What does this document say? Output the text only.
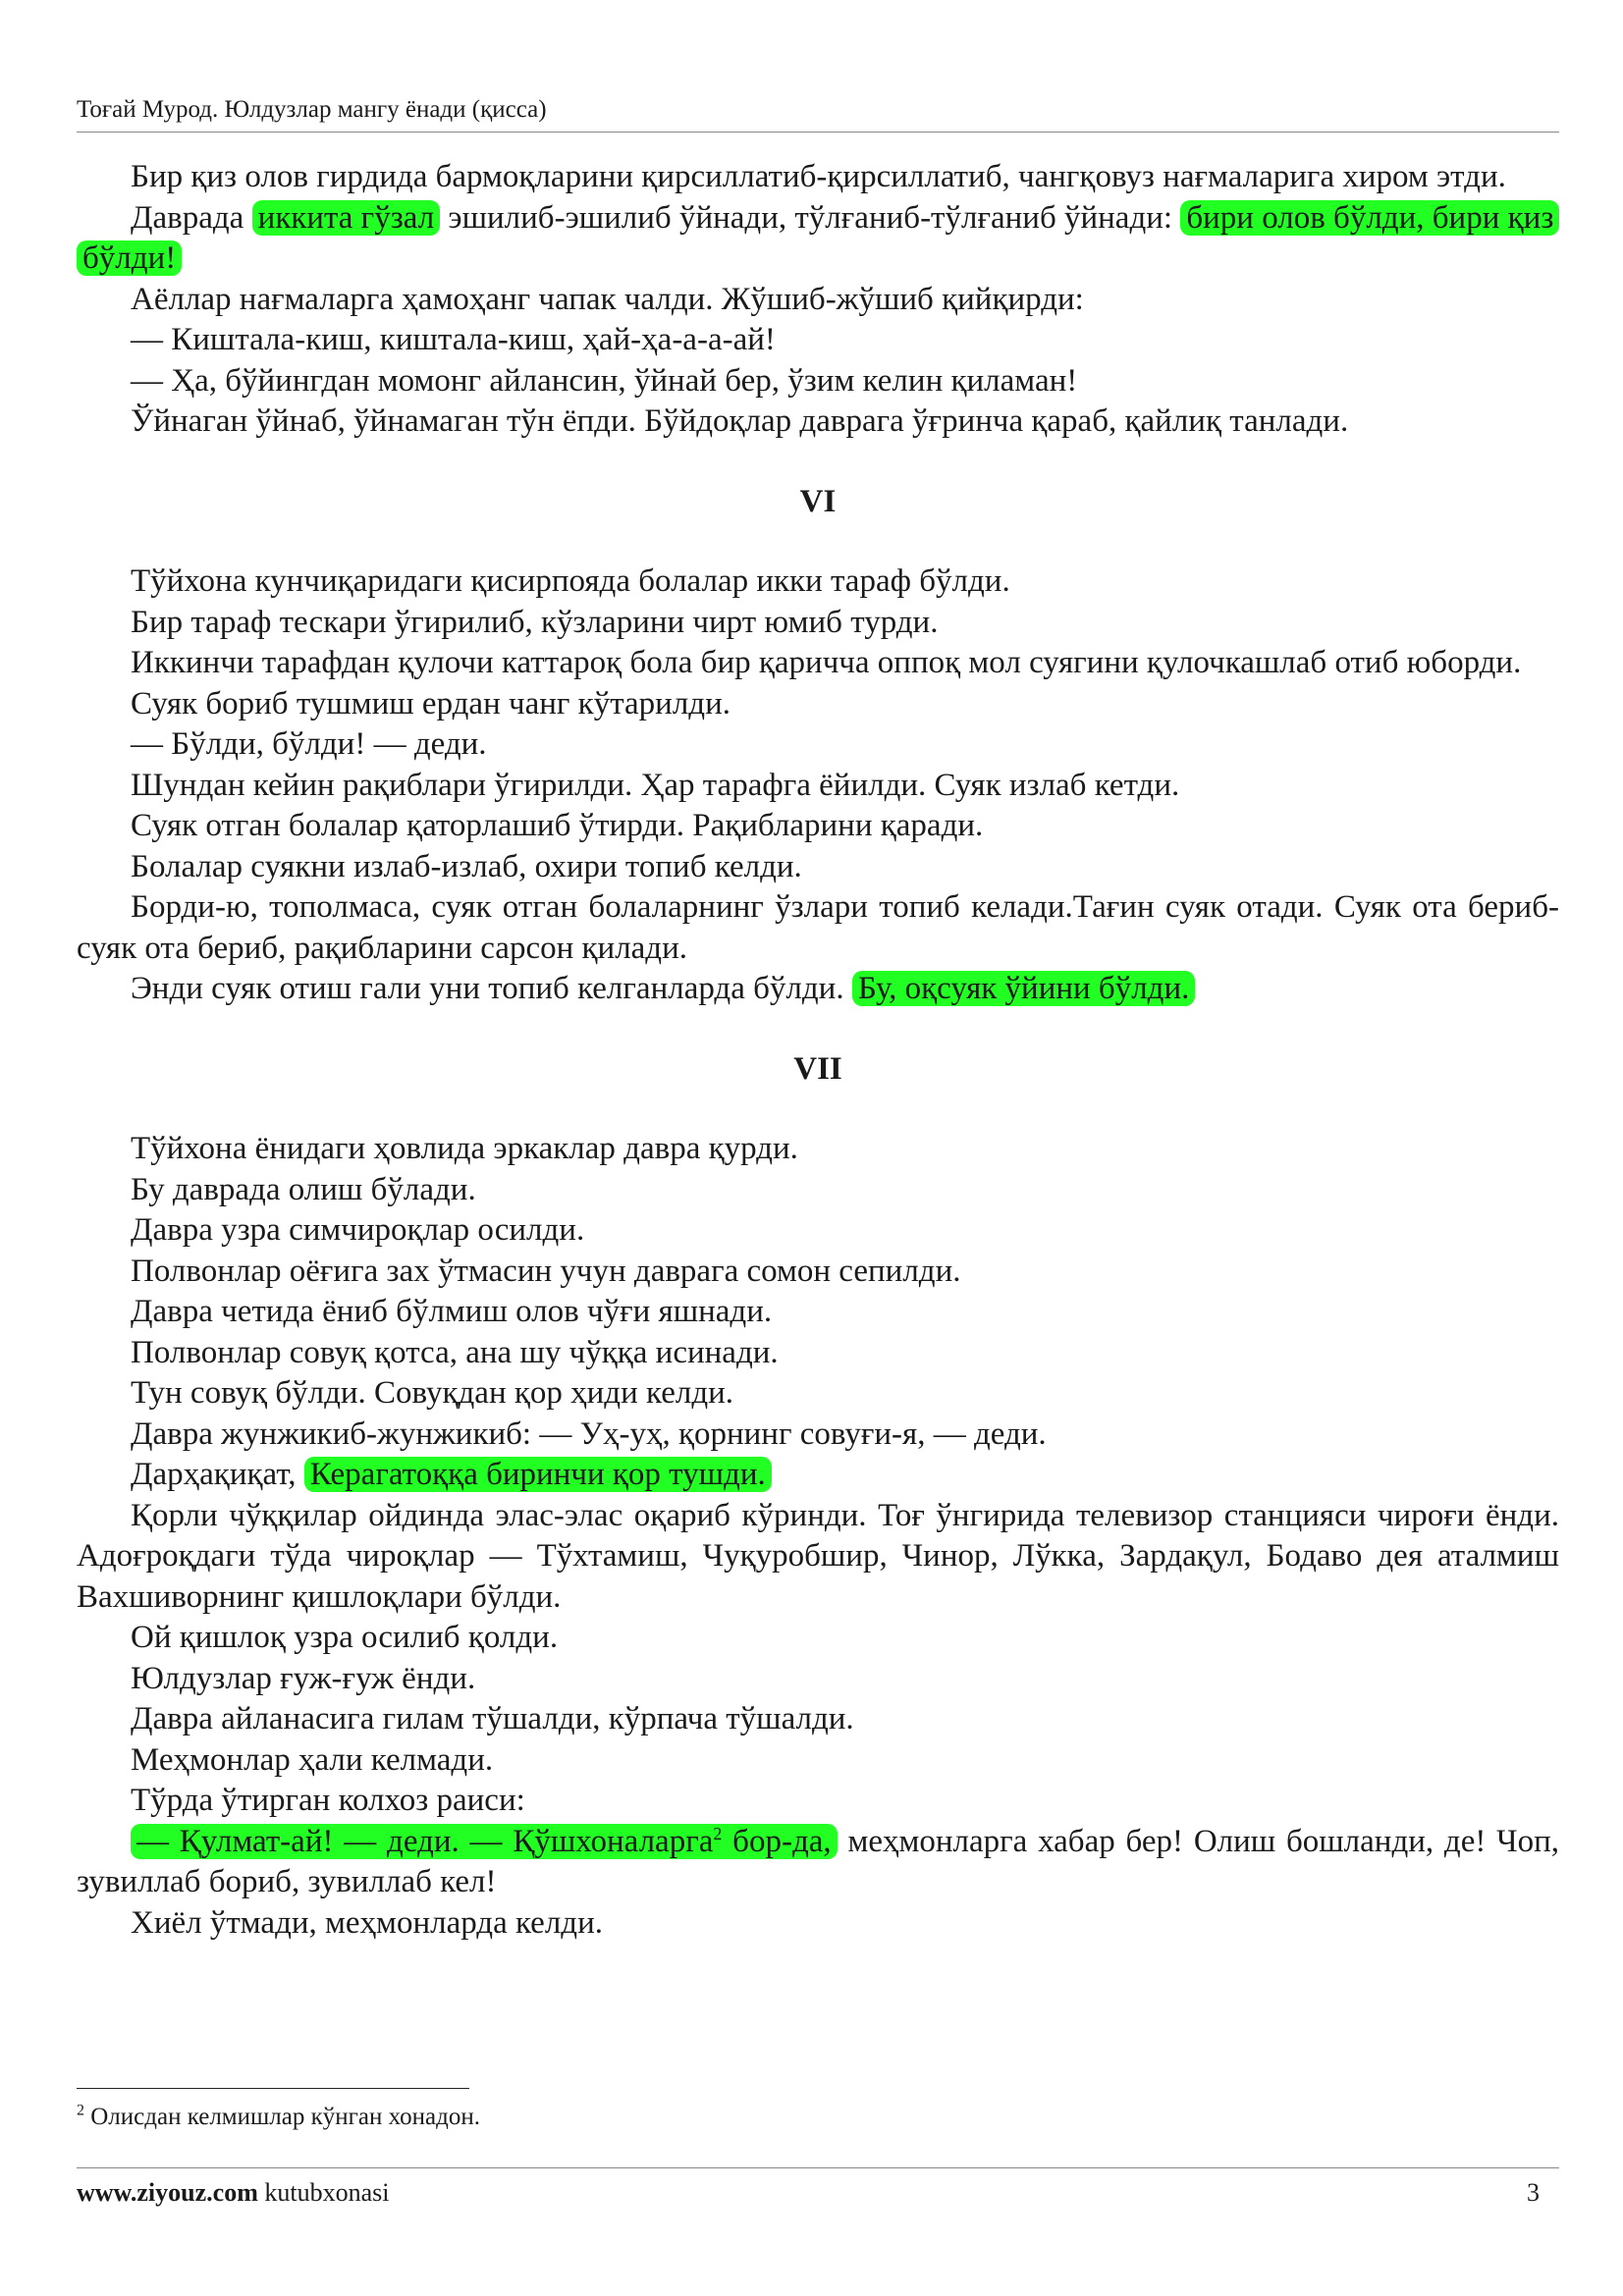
Тоғай Мурод. Юлдузлар мангу ёнади (қисса)

Бир қиз олов гирдида бармоқларини қирсиллатиб-қирсиллатиб, чангқовуз нағмаларига хиром этди.

Даврада иккита гўзал эшилиб-эшилиб ўйнади, тўлғаниб-тўлғаниб ўйнади: бири олов бўлди, бири қиз бўлди!

Аёллар нағмаларга ҳамоҳанг чапак чалди. Жўшиб-жўшиб қийқирди:

— Киштала-киш, киштала-киш, ҳай-ҳа-а-а-ай!

— Ҳа, бўйингдан момонг айлансин, ўйнай бер, ўзим келин қиламан!

Ўйнаган ўйнаб, ўйнамаган тўн ёпди. Бўйдоқлар даврага ўғринча қараб, қайлиқ танлади.

VI

Тўйхона кунчиқаридаги қисирпояда болалар икки тараф бўлди.

Бир тараф тескари ўгирилиб, кўзларини чирт юмиб турди.

Иккинчи тарафдан қулочи каттароқ бола бир қаричча оппоқ мол суягини қулочкашлаб отиб юборди.

Суяк бориб тушмиш ердан чанг кўтарилди.

— Бўлди, бўлди! — деди.

Шундан кейин рақиблари ўгирилди. Ҳар тарафга ёйилди. Суяк излаб кетди.

Суяк отган болалар қаторлашиб ўтирди. Рақибларини қаради.

Болалар суякни излаб-излаб, охири топиб келди.

Борди-ю, тополмаса, суяк отган болаларнинг ўзлари топиб келади.Тағин суяк отади. Суяк ота бериб-суяк ота бериб, рақибларини сарсон қилади.

Энди суяк отиш гали уни топиб келганларда бўлди. Бу, оқсуяк ўйини бўлди.

VII

Тўйхона ёнидаги ҳовлида эркаклар давра қурди.

Бу даврада олиш бўлади.

Давра узра симчироқлар осилди.

Полвонлар оёғига зах ўтмасин учун даврага сомон сепилди.

Давра четида ёниб бўлмиш олов чўғи яшнади.

Полвонлар совуқ қотса, ана шу чўққа исинади.

Тун совуқ бўлди. Совуқдан қор ҳиди келди.

Давра жунжикиб-жунжикиб: — Уҳ-уҳ, қорнинг совуғи-я, — деди.

Дарҳақиқат, Керагатоққа биринчи қор тушди.

Қорли чўққилар ойдинда элас-элас оқариб кўринди. Тоғ ўнгирида телевизор станцияси чироғи ёнди. Адоғроқдаги тўда чироқлар — Тўхтамиш, Чуқуробшир, Чинор, Лўкка, Зардақул, Бодаво дея аталмиш Вахшиворнинг қишлоқлари бўлди.

Ой қишлоқ узра осилиб қолди.

Юлдузлар ғуж-ғуж ёнди.

Давра айланасига гилам тўшалди, кўрпача тўшалди.

Меҳмонлар ҳали келмади.

Тўрда ўтирган колхоз раиси:

— Қулмат-ай! — деди. — Қўшхоналарга$^2$ бор-да, меҳмонларга хабар бер! Олиш бошланди, де! Чоп, зувиллаб бориб, зувиллаб кел!

Хиёл ўтмади, меҳмонларда келди.

$^2$ Олисдан келмишлар кўнган хонадон.
www.ziyouz.com kutubxonasi	3
